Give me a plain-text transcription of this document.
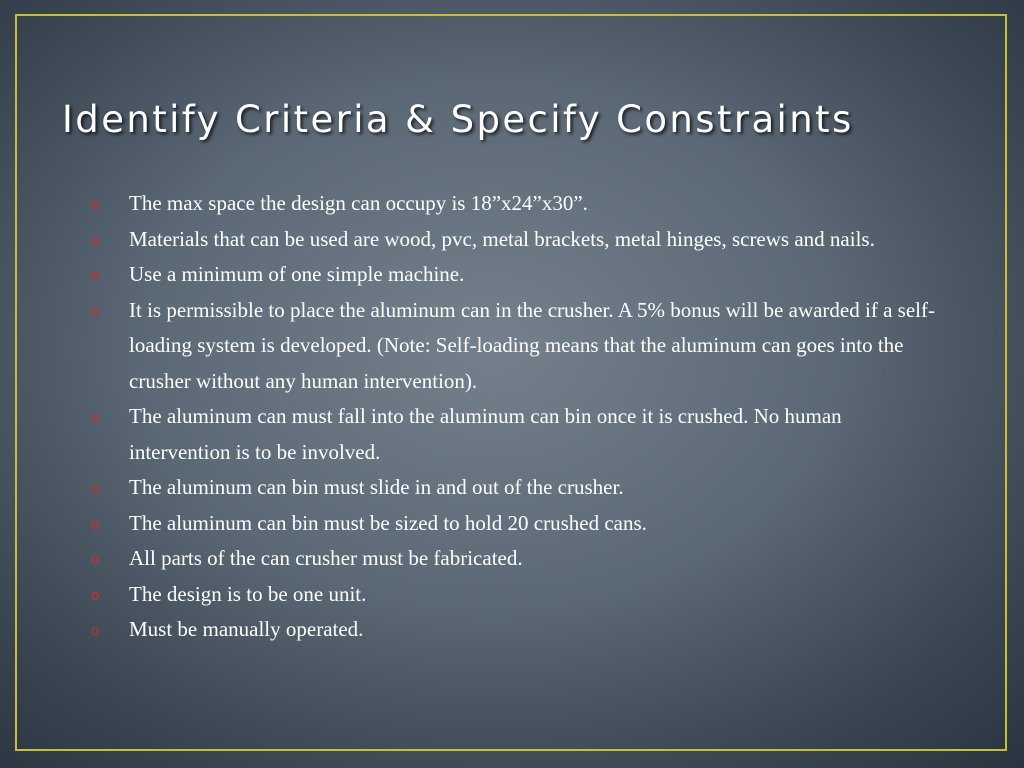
Identify Criteria & Specify Constraints
o The max space the design can occupy is 18”x24”x30”.
o Materials that can be used are wood, pvc, metal brackets, metal hinges, screws and nails.
o Use a minimum of one simple machine.
o It is permissible to place the aluminum can in the crusher. A 5% bonus will be awarded if a self- loading system is developed. (Note: Self-loading means that the aluminum can goes into the crusher without any human intervention).
o The aluminum can must fall into the aluminum can bin once it is crushed. No human intervention is to be involved.
o The aluminum can bin must slide in and out of the crusher.
o The aluminum can bin must be sized to hold 20 crushed cans.
o All parts of the can crusher must be fabricated.
o The design is to be one unit.
o Must be manually operated.
